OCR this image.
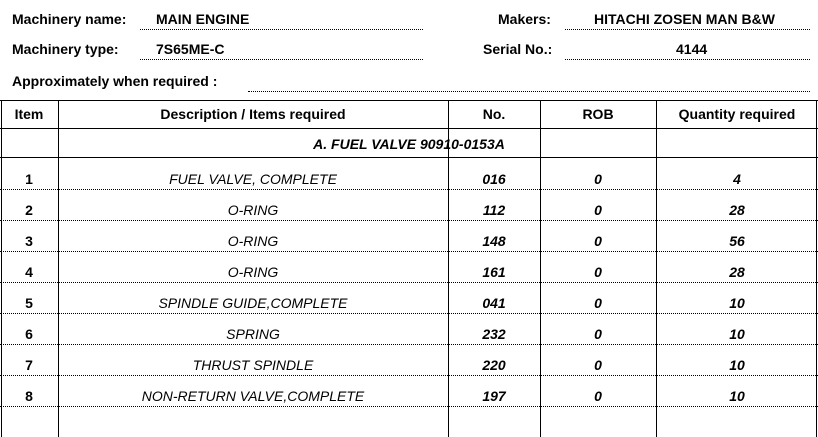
Machinery name: MAIN ENGINE	Makers:	HITACHI ZOSEN MAN B&W
Machinery type:	7S65ME-C	Serial No.:	4144
Approximately when required :
Item	Description / Items required	No.	ROB	Quantity required
A. FUEL VALVE 90910-0153A
1	FUEL VALVE, COMPLETE	016	0	4
2	O-RING	112	0	28
3	O-RING	148	0	56
4	O-RING	161	0	28
5	SPINDLE GUIDE,COMPLETE	041	0	10
6	SPRING	232	0	10
7	THRUST SPINDLE	220	0	10
8	NON-RETURN VALVE,COMPLETE	197	0	10
